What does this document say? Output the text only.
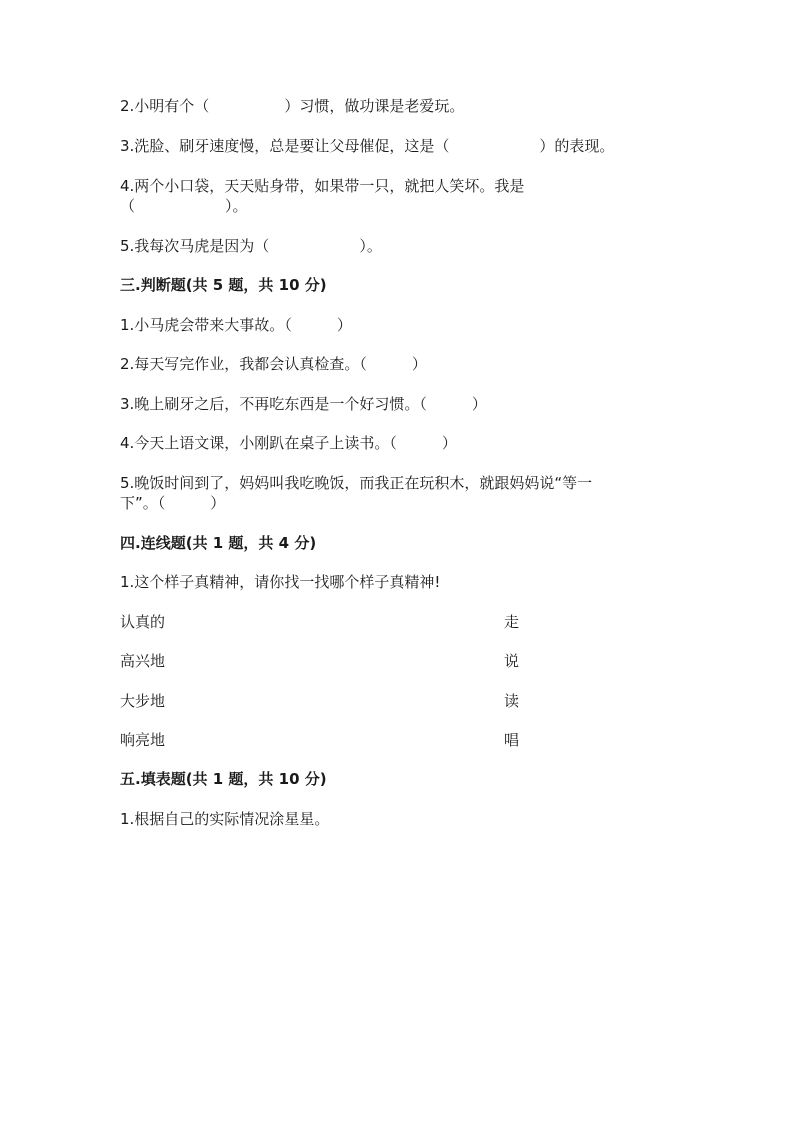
2.小明有个（　　　　　）习惯，做功课是老爱玩。
3.洗脸、刷牙速度慢，总是要让父母催促，这是（　　　　　　）的表现。
4.两个小口袋，天天贴身带，如果带一只，就把人笑坏。我是
（　　　　　　）。
5.我每次马虎是因为（　　　　　　）。
三.判断题(共 5 题，共 10 分)
1.小马虎会带来大事故。（　　　）
2.每天写完作业，我都会认真检查。（　　　）
3.晚上刷牙之后，不再吃东西是一个好习惯。（　　　）
4.今天上语文课，小刚趴在桌子上读书。（　　　）
5.晚饭时间到了，妈妈叫我吃晚饭，而我正在玩积木，就跟妈妈说“等一
下”。（　　　）
四.连线题(共 1 题，共 4 分)
1.这个样子真精神，请你找一找哪个样子真精神!
认真的	走
高兴地	说
大步地	读
响亮地	唱
五.填表题(共 1 题，共 10 分)
1.根据自己的实际情况涂星星。
